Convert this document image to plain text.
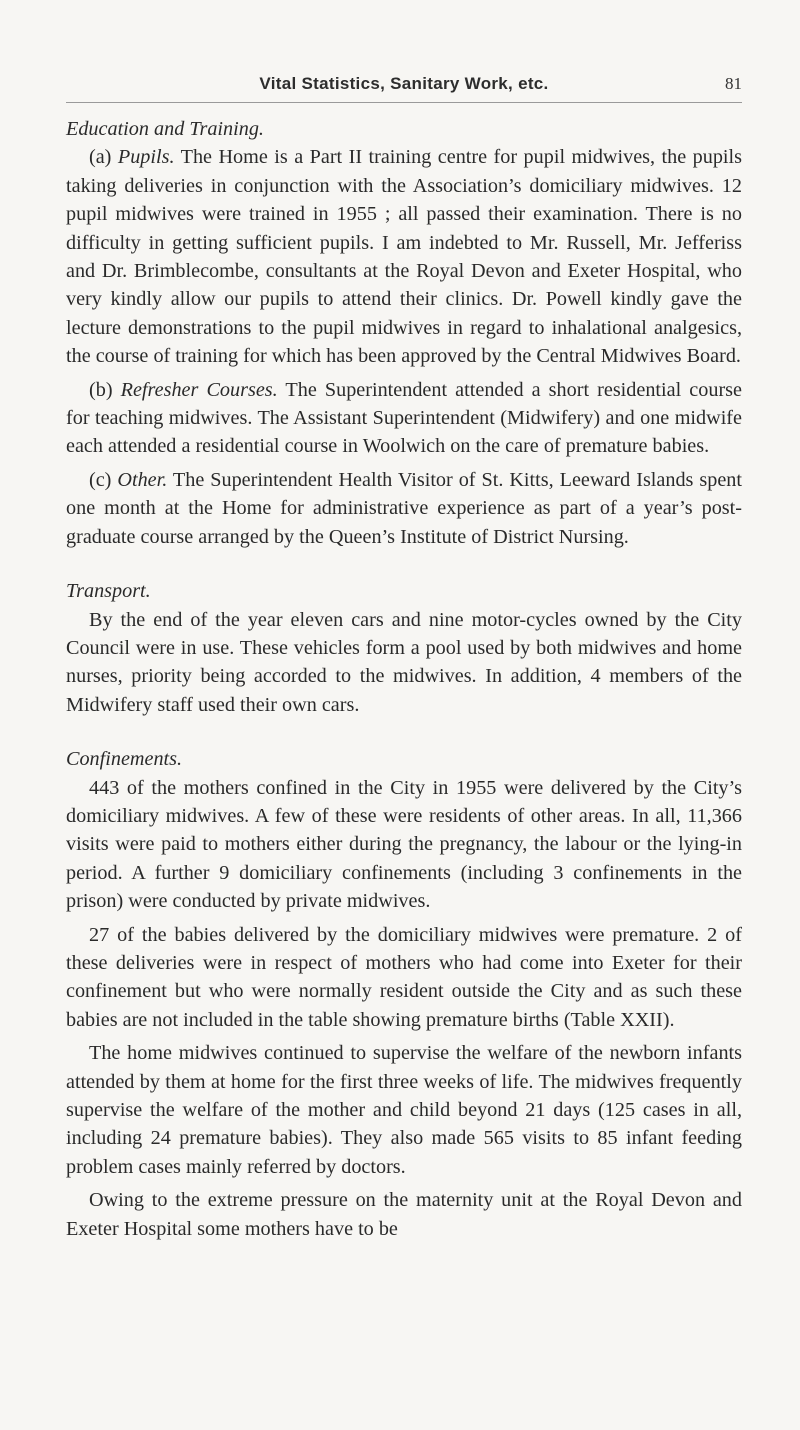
Vital Statistics, Sanitary Work, etc.	81
Education and Training.

(a) Pupils. The Home is a Part II training centre for pupil midwives, the pupils taking deliveries in conjunction with the Association’s domiciliary midwives. 12 pupil midwives were trained in 1955 ; all passed their examination. There is no difficulty in getting sufficient pupils. I am indebted to Mr. Russell, Mr. Jefferiss and Dr. Brimblecombe, consultants at the Royal Devon and Exeter Hospital, who very kindly allow our pupils to attend their clinics. Dr. Powell kindly gave the lecture demonstrations to the pupil midwives in regard to inhalational analgesics, the course of training for which has been approved by the Central Midwives Board.

(b) Refresher Courses. The Superintendent attended a short residential course for teaching midwives. The Assistant Superintendent (Midwifery) and one midwife each attended a residential course in Woolwich on the care of premature babies.

(c) Other. The Superintendent Health Visitor of St. Kitts, Leeward Islands spent one month at the Home for administrative experience as part of a year’s post-graduate course arranged by the Queen’s Institute of District Nursing.

Transport.

By the end of the year eleven cars and nine motor-cycles owned by the City Council were in use. These vehicles form a pool used by both midwives and home nurses, priority being accorded to the midwives. In addition, 4 members of the Midwifery staff used their own cars.

Confinements.

443 of the mothers confined in the City in 1955 were delivered by the City’s domiciliary midwives. A few of these were residents of other areas. In all, 11,366 visits were paid to mothers either during the pregnancy, the labour or the lying-in period. A further 9 domiciliary confinements (including 3 confinements in the prison) were conducted by private midwives.

27 of the babies delivered by the domiciliary midwives were premature. 2 of these deliveries were in respect of mothers who had come into Exeter for their confinement but who were normally resident outside the City and as such these babies are not included in the table showing premature births (Table XXII).

The home midwives continued to supervise the welfare of the newborn infants attended by them at home for the first three weeks of life. The midwives frequently supervise the welfare of the mother and child beyond 21 days (125 cases in all, including 24 premature babies). They also made 565 visits to 85 infant feeding problem cases mainly referred by doctors.

Owing to the extreme pressure on the maternity unit at the Royal Devon and Exeter Hospital some mothers have to be
